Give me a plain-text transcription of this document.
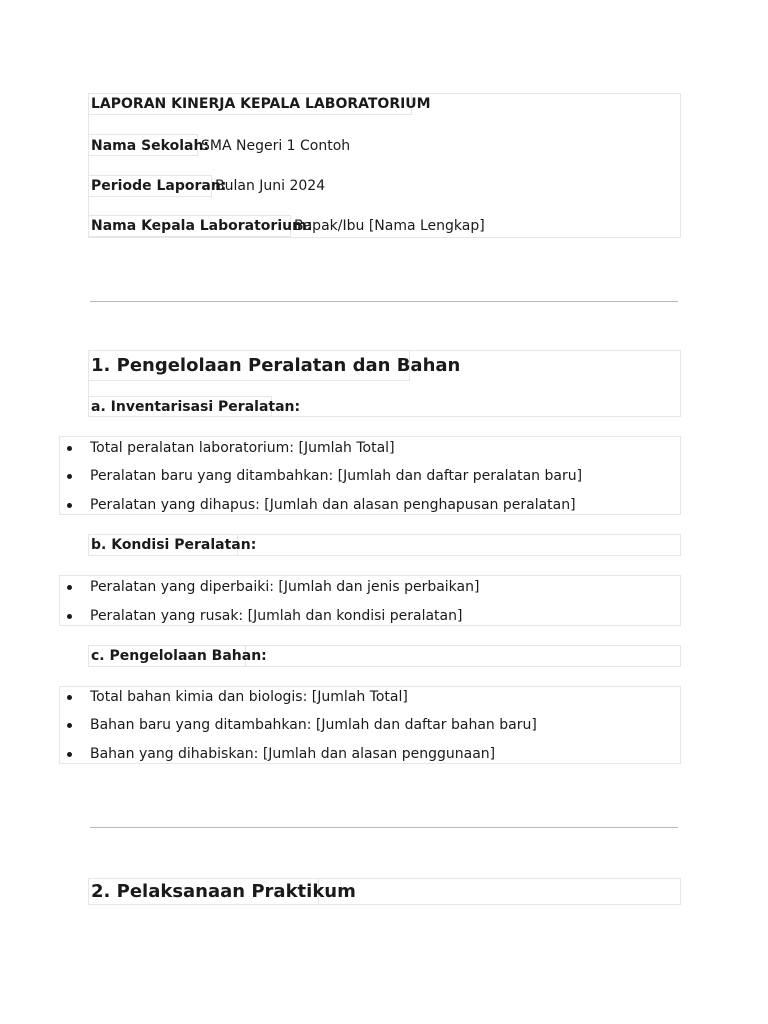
LAPORAN KINERJA KEPALA LABORATORIUM
Nama Sekolah:
SMA Negeri 1 Contoh
Periode Laporan:
Bulan Juni 2024
Nama Kepala Laboratorium:
Bapak/Ibu [Nama Lengkap]
1. Pengelolaan Peralatan dan Bahan
a. Inventarisasi Peralatan:
Total peralatan laboratorium: [Jumlah Total]
Peralatan baru yang ditambahkan: [Jumlah dan daftar peralatan baru]
Peralatan yang dihapus: [Jumlah dan alasan penghapusan peralatan]
b. Kondisi Peralatan:
Peralatan yang diperbaiki: [Jumlah dan jenis perbaikan]
Peralatan yang rusak: [Jumlah dan kondisi peralatan]
c. Pengelolaan Bahan:
Total bahan kimia dan biologis: [Jumlah Total]
Bahan baru yang ditambahkan: [Jumlah dan daftar bahan baru]
Bahan yang dihabiskan: [Jumlah dan alasan penggunaan]
2. Pelaksanaan Praktikum
